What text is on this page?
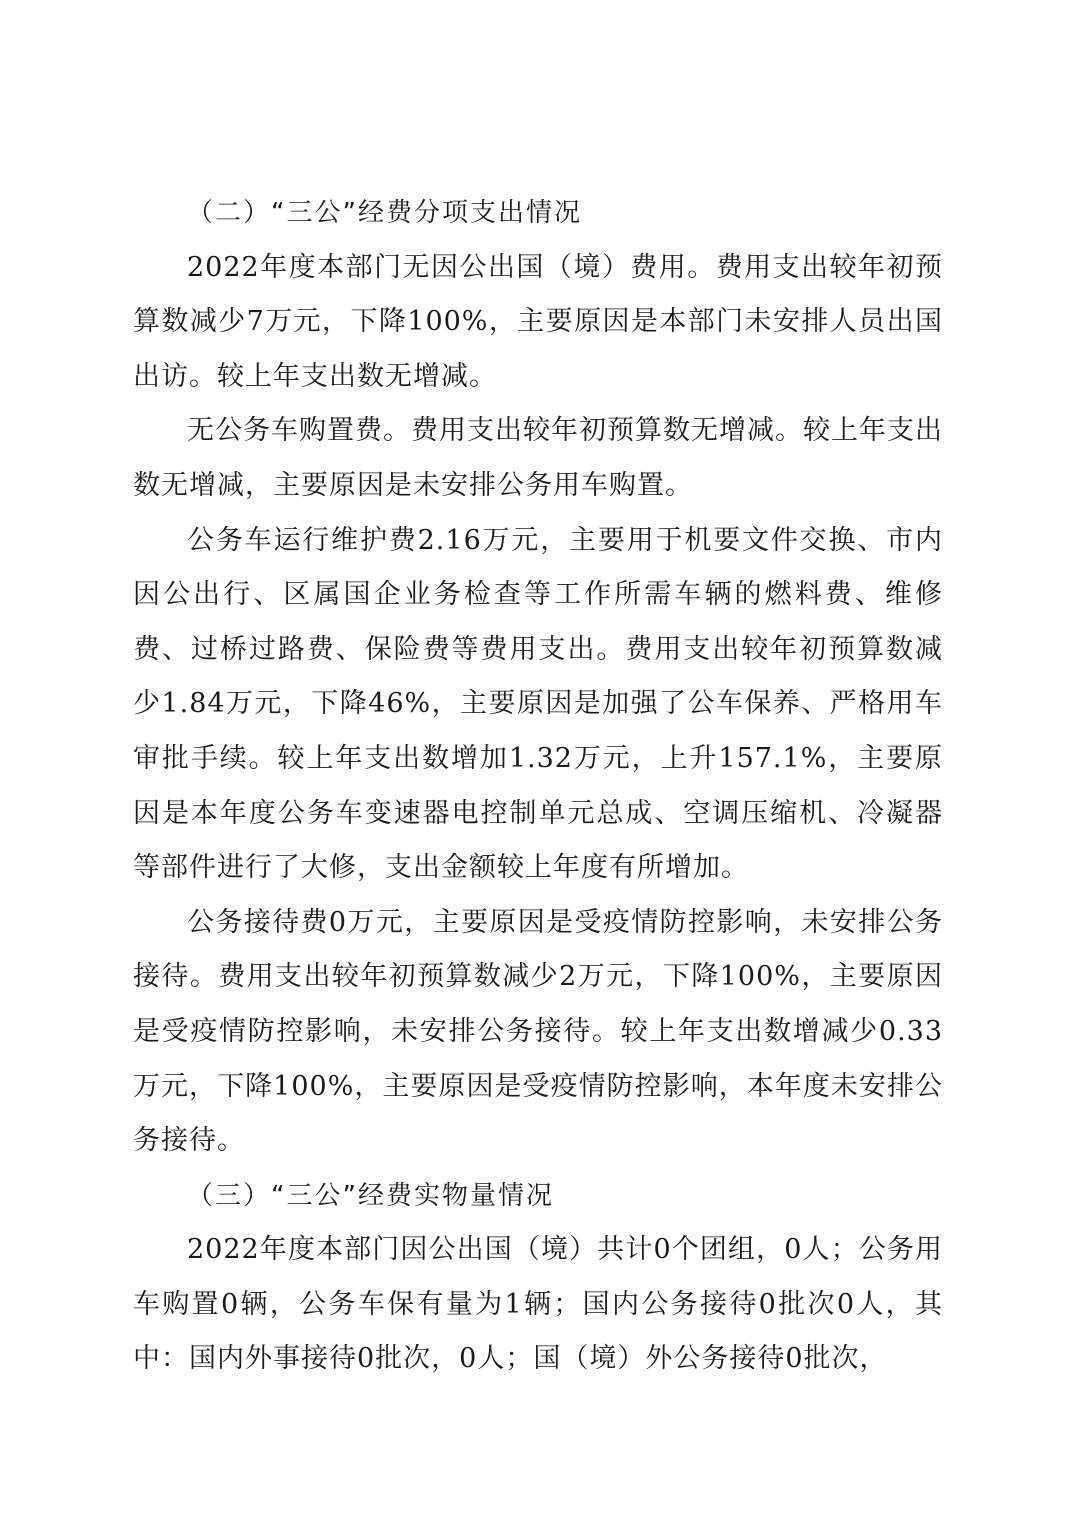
（二）“三公”经费分项支出情况

2022年度本部门无因公出国（境）费用。费用支出较年初预算数减少7万元，下降100%，主要原因是本部门未安排人员出国出访。较上年支出数无增减。

无公务车购置费。费用支出较年初预算数无增减。较上年支出数无增减，主要原因是未安排公务用车购置。

公务车运行维护费2.16万元，主要用于机要文件交换、市内因公出行、区属国企业务检查等工作所需车辆的燃料费、维修费、过桥过路费、保险费等费用支出。费用支出较年初预算数减少1.84万元，下降46%，主要原因是加强了公车保养、严格用车审批手续。较上年支出数增加1.32万元，上升157.1%，主要原因是本年度公务车变速器电控制单元总成、空调压缩机、冷凝器等部件进行了大修，支出金额较上年度有所增加。

公务接待费0万元，主要原因是受疫情防控影响，未安排公务接待。费用支出较年初预算数减少2万元，下降100%，主要原因是受疫情防控影响，未安排公务接待。较上年支出数增减少0.33万元，下降100%，主要原因是受疫情防控影响，本年度未安排公务接待。

（三）“三公”经费实物量情况

2022年度本部门因公出国（境）共计0个团组，0人；公务用车购置0辆，公务车保有量为1辆；国内公务接待0批次0人，其中：国内外事接待0批次，0人；国（境）外公务接待0批次，
